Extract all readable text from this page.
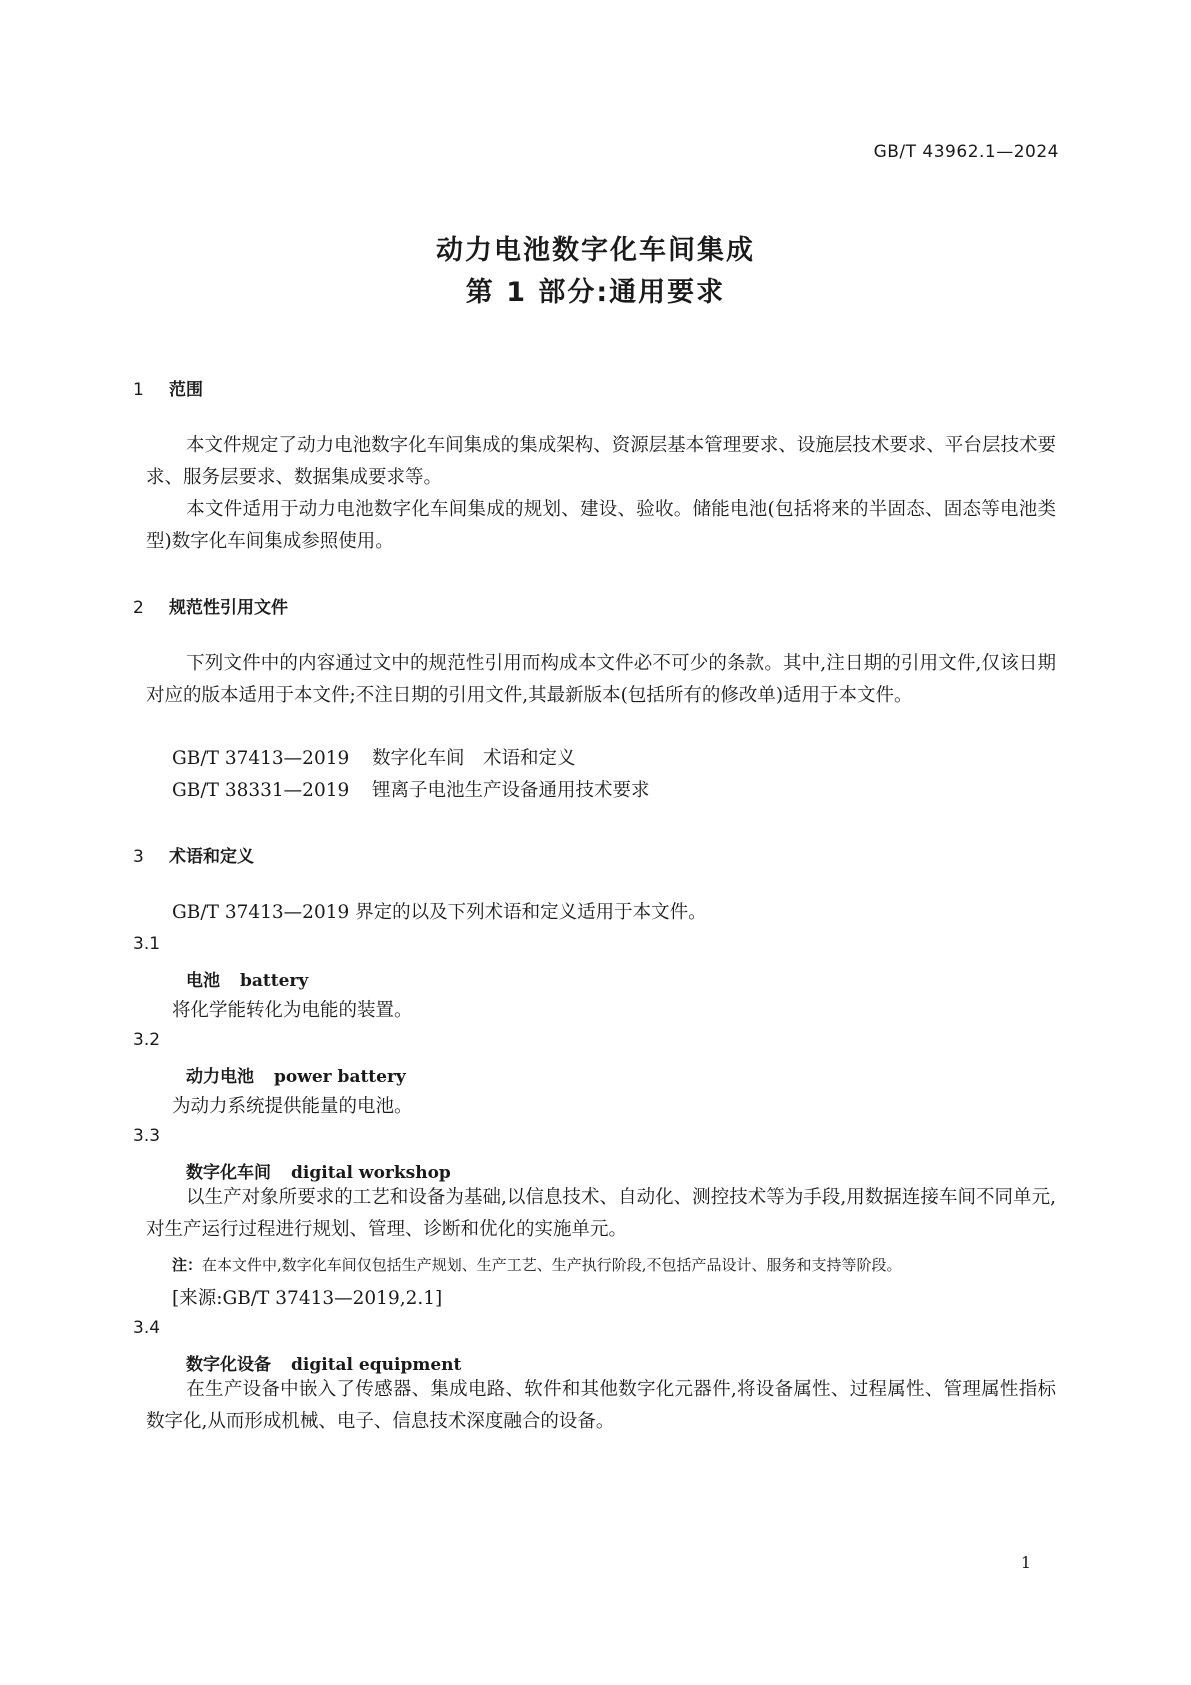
GB/T 43962.1—2024
动力电池数字化车间集成
第 1 部分:通用要求
1 范围
本文件规定了动力电池数字化车间集成的集成架构、资源层基本管理要求、设施层技术要求、平台层技术要求、服务层要求、数据集成要求等。
本文件适用于动力电池数字化车间集成的规划、建设、验收。储能电池(包括将来的半固态、固态等电池类型)数字化车间集成参照使用。
2 规范性引用文件
下列文件中的内容通过文中的规范性引用而构成本文件必不可少的条款。其中,注日期的引用文件,仅该日期对应的版本适用于本文件;不注日期的引用文件,其最新版本(包括所有的修改单)适用于本文件。
GB/T 37413—2019 数字化车间　术语和定义
GB/T 38331—2019 锂离子电池生产设备通用技术要求
3 术语和定义
GB/T 37413—2019 界定的以及下列术语和定义适用于本文件。
3.1
电池 battery
将化学能转化为电能的装置。
3.2
动力电池 power battery
为动力系统提供能量的电池。
3.3
数字化车间 digital workshop
以生产对象所要求的工艺和设备为基础,以信息技术、自动化、测控技术等为手段,用数据连接车间不同单元,对生产运行过程进行规划、管理、诊断和优化的实施单元。
注：在本文件中,数字化车间仅包括生产规划、生产工艺、生产执行阶段,不包括产品设计、服务和支持等阶段。
[来源:GB/T 37413—2019,2.1]
3.4
数字化设备 digital equipment
在生产设备中嵌入了传感器、集成电路、软件和其他数字化元器件,将设备属性、过程属性、管理属性指标数字化,从而形成机械、电子、信息技术深度融合的设备。
1
